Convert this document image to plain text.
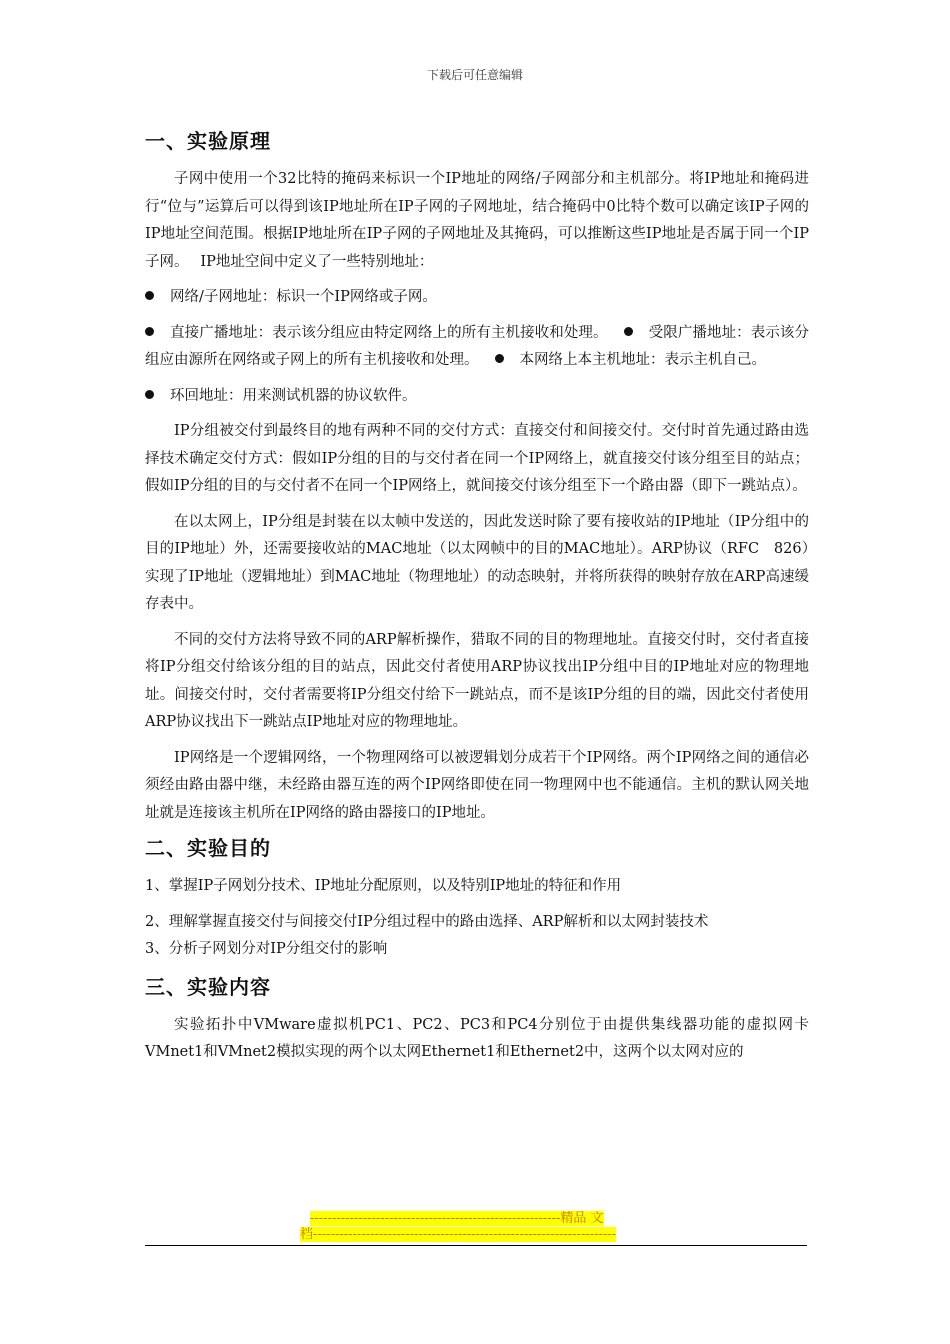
下载后可任意编辑
一、实验原理

子网中使用一个32比特的掩码来标识一个IP地址的网络/子网部分和主机部分。将IP地址和掩码进行“位与”运算后可以得到该IP地址所在IP子网的子网地址，结合掩码中0比特个数可以确定该IP子网的IP地址空间范围。根据IP地址所在IP子网的子网地址及其掩码，可以推断这些IP地址是否属于同一个IP子网。　 IP地址空间中定义了一些特别地址：

网络/子网地址：标识一个IP网络或子网。

直接广播地址：表示该分组应由特定网络上的所有主机接收和处理。	受限广播地址：表示该分组应由源所在网络或子网上的所有主机接收和处理。	本网络上本主机地址：表示主机自己。

环回地址：用来测试机器的协议软件。

IP分组被交付到最终目的地有两种不同的交付方式：直接交付和间接交付。交付时首先通过路由选择技术确定交付方式：假如IP分组的目的与交付者在同一个IP网络上，就直接交付该分组至目的站点；假如IP分组的目的与交付者不在同一个IP网络上，就间接交付该分组至下一个路由器（即下一跳站点）。

在以太网上，IP分组是封装在以太帧中发送的，因此发送时除了要有接收站的IP地址（IP分组中的目的IP地址）外，还需要接收站的MAC地址（以太网帧中的目的MAC地址）。ARP协议（RFC　826）实现了IP地址（逻辑地址）到MAC地址（物理地址）的动态映射，并将所获得的映射存放在ARP高速缓存表中。

不同的交付方法将导致不同的ARP解析操作，猎取不同的目的物理地址。直接交付时，交付者直接将IP分组交付给该分组的目的站点，因此交付者使用ARP协议找出IP分组中目的IP地址对应的物理地址。间接交付时，交付者需要将IP分组交付给下一跳站点，而不是该IP分组的目的端，因此交付者使用ARP协议找出下一跳站点IP地址对应的物理地址。

IP网络是一个逻辑网络，一个物理网络可以被逻辑划分成若干个IP网络。两个IP网络之间的通信必须经由路由器中继，未经路由器互连的两个IP网络即使在同一物理网中也不能通信。主机的默认网关地址就是连接该主机所在IP网络的路由器接口的IP地址。

二、实验目的

1、掌握IP子网划分技术、IP地址分配原则，以及特别IP地址的特征和作用

2、理解掌握直接交付与间接交付IP分组过程中的路由选择、ARP解析和以太网封装技术

3、分析子网划分对IP分组交付的影响

三、实验内容

实验拓扑中VMware虚拟机PC1、PC2、PC3和PC4分别位于由提供集线器功能的虚拟网卡VMnet1和VMnet2模拟实现的两个以太网Ethernet1和Ethernet2中，这两个以太网对应的

---------------------------------------------------------精品 文
档---------------------------------------------------------------------
